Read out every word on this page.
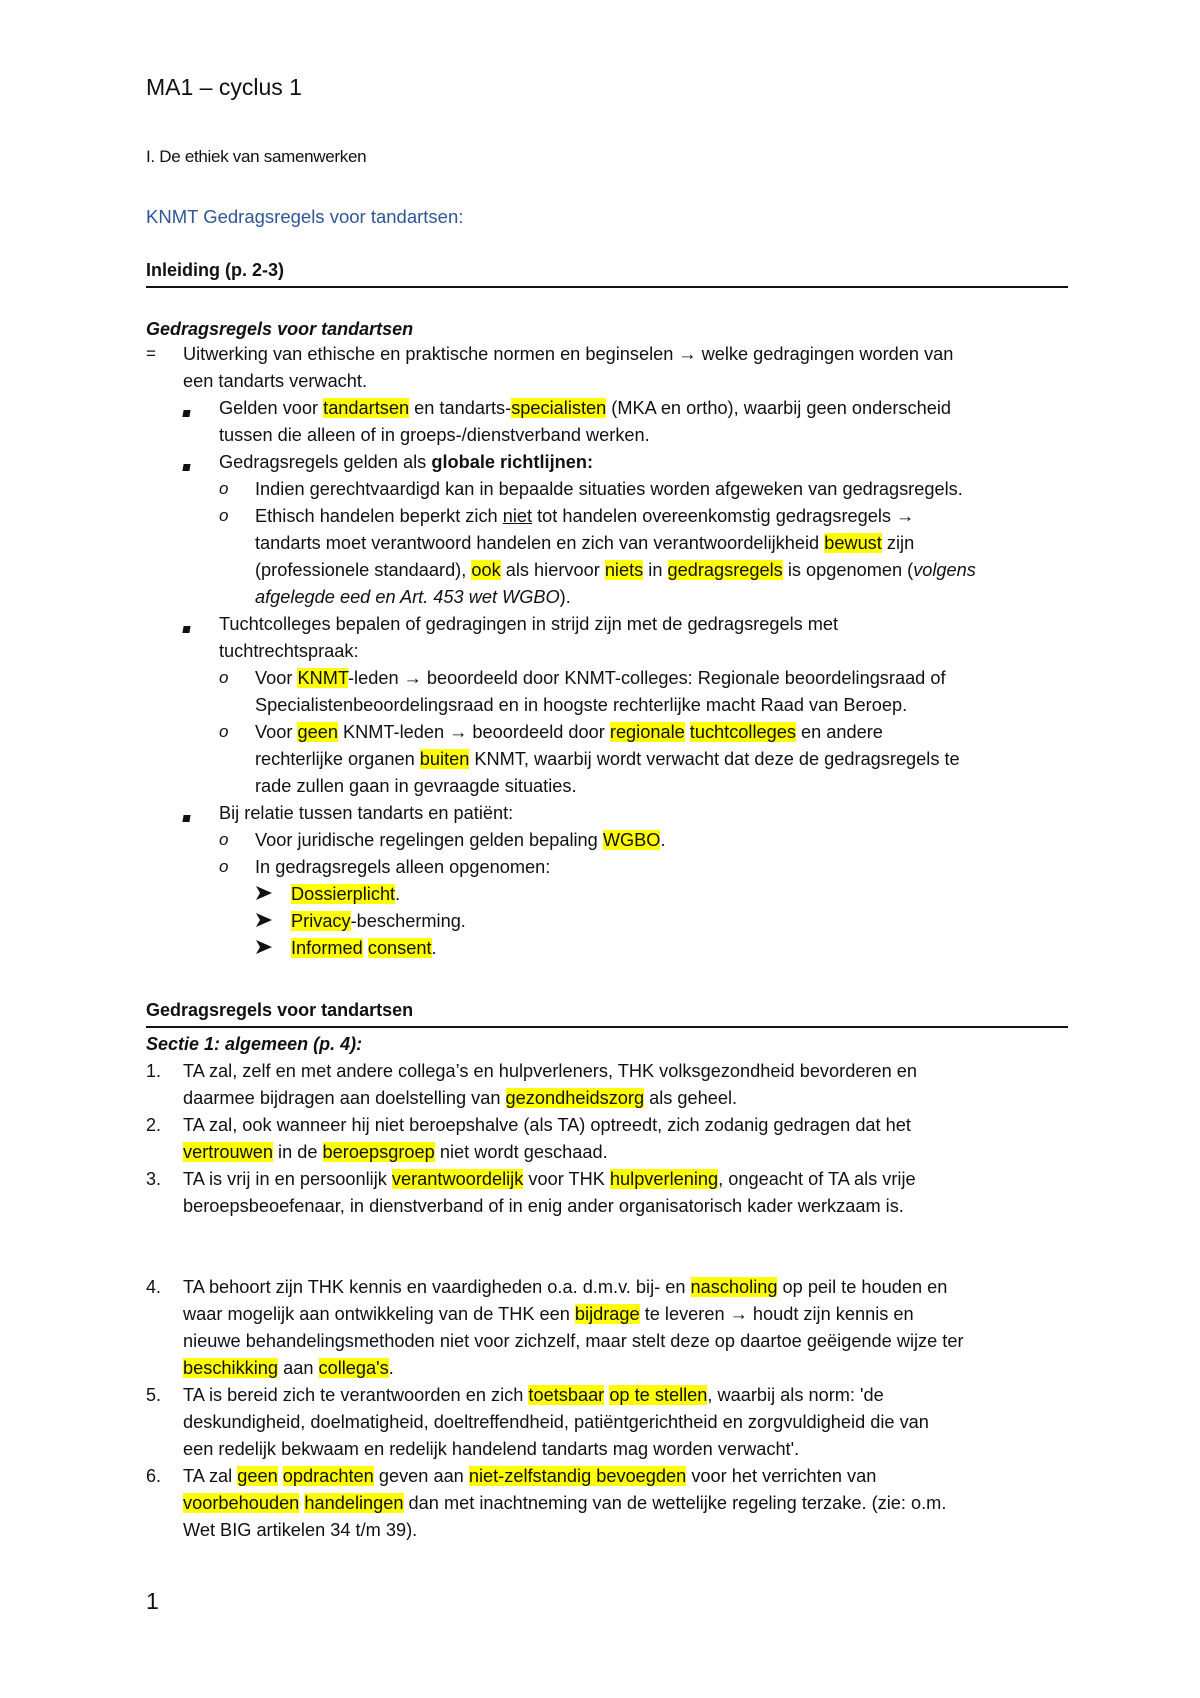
MA1 – cyclus 1
I. De ethiek van samenwerken
KNMT Gedragsregels voor tandartsen:
Inleiding (p. 2-3)
Gedragsregels voor tandartsen
= Uitwerking van ethische en praktische normen en beginselen → welke gedragingen worden van
een tandarts verwacht.
Gelden voor tandartsen en tandarts-specialisten (MKA en ortho), waarbij geen onderscheid
tussen die alleen of in groeps-/dienstverband werken.
Gedragsregels gelden als globale richtlijnen:
o Indien gerechtvaardigd kan in bepaalde situaties worden afgeweken van gedragsregels.
o Ethisch handelen beperkt zich niet tot handelen overeenkomstig gedragsregels →
tandarts moet verantwoord handelen en zich van verantwoordelijkheid bewust zijn
(professionele standaard), ook als hiervoor niets in gedragsregels is opgenomen (volgens
afgelegde eed en Art. 453 wet WGBO).
Tuchtcolleges bepalen of gedragingen in strijd zijn met de gedragsregels met
tuchtrechtspraak:
o Voor KNMT-leden → beoordeeld door KNMT-colleges: Regionale beoordelingsraad of
Specialistenbeoordelingsraad en in hoogste rechterlijke macht Raad van Beroep.
o Voor geen KNMT-leden → beoordeeld door regionale tuchtcolleges en andere
rechterlijke organen buiten KNMT, waarbij wordt verwacht dat deze de gedragsregels te
rade zullen gaan in gevraagde situaties.
Bij relatie tussen tandarts en patiënt:
o Voor juridische regelingen gelden bepaling WGBO.
o In gedragsregels alleen opgenomen:
Dossierplicht.
Privacy-bescherming.
Informed consent.
Gedragsregels voor tandartsen
Sectie 1: algemeen (p. 4):
1. TA zal, zelf en met andere collega’s en hulpverleners, THK volksgezondheid bevorderen en
daarmee bijdragen aan doelstelling van gezondheidszorg als geheel.
2. TA zal, ook wanneer hij niet beroepshalve (als TA) optreedt, zich zodanig gedragen dat het
vertrouwen in de beroepsgroep niet wordt geschaad.
3. TA is vrij in en persoonlijk verantwoordelijk voor THK hulpverlening, ongeacht of TA als vrije
beroepsbeoefenaar, in dienstverband of in enig ander organisatorisch kader werkzaam is.
4. TA behoort zijn THK kennis en vaardigheden o.a. d.m.v. bij- en nascholing op peil te houden en
waar mogelijk aan ontwikkeling van de THK een bijdrage te leveren → houdt zijn kennis en
nieuwe behandelingsmethoden niet voor zichzelf, maar stelt deze op daartoe geëigende wijze ter
beschikking aan collega's.
5. TA is bereid zich te verantwoorden en zich toetsbaar op te stellen, waarbij als norm: 'de
deskundigheid, doelmatigheid, doeltreffendheid, patiëntgerichtheid en zorgvuldigheid die van
een redelijk bekwaam en redelijk handelend tandarts mag worden verwacht'.
6. TA zal geen opdrachten geven aan niet-zelfstandig bevoegden voor het verrichten van
voorbehouden handelingen dan met inachtneming van de wettelijke regeling terzake. (zie: o.m.
Wet BIG artikelen 34 t/m 39).
1
